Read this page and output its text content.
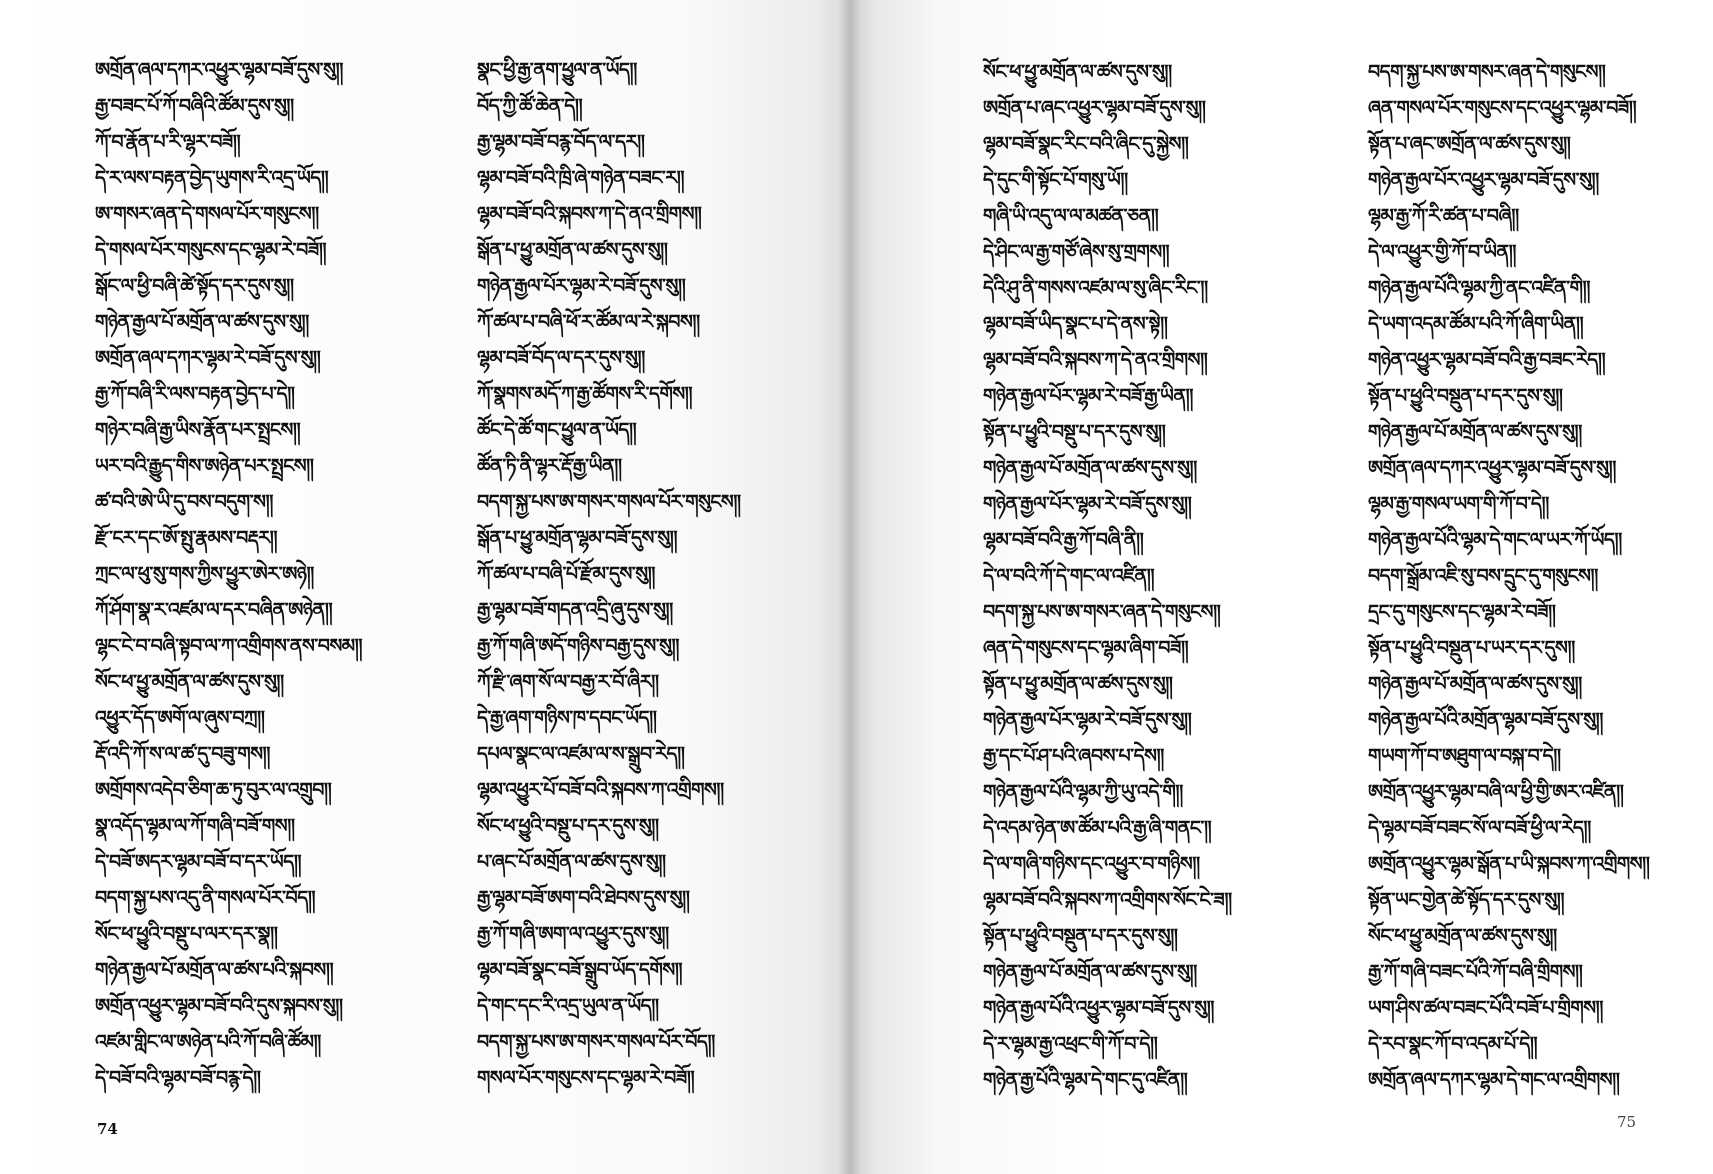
ཨགྲོན་ཞལ་དཀར་འཕྱུར་ལྷམ་བཟོ་དུས་སུ།།
རྒྱ་བཟང་པོ་ཀོ་བཞིའི་ཚོམ་དུས་སུ།།
ཀོ་བ་རྣོན་པ་རི་ལྷར་བཟོ།།
དེ་ར་ལས་བརྟན་བྱེད་ཡུགས་རི་འདྲ་ཡོད།།
ཨ་གསར་ཞན་དེ་གསལ་པོར་གསུངས།།
དེ་གསལ་པོར་གསུངས་དང་ལྷམ་རེ་བཟོ།།
སྒོང་ལ་ཕྱི་བཞི་ཚེ་སྟོད་དར་དུས་སུ།།
གཉེན་རྒྱལ་པོ་མགྲོན་ལ་ཚས་དུས་སུ།།
ཨགྲོན་ཞལ་དཀར་ལྷམ་རེ་བཟོ་དུས་སུ།།
རྒྱ་ཀོ་བཞི་རི་ལས་བརྟན་བྱེད་པ་དེ།།
གཉེར་བཞི་རྒྱ་ཡིས་རྣོན་པར་སྤྲངས།།
ཡར་བའི་རྒྱུད་གིས་ཨཉེན་པར་སྤྲངས།།
ཚ་བའི་ཨེ་ཡི་དུ་བས་བདུག་ས།།
རྫོ་ངར་དང་ཨོ་སྤུ་རྣམས་བརྡར།།
ཀྲང་ལ་ཕུ་སུ་གས་ཀྱིས་ཕྱུར་ཨེར་ཨཉེ།།
ཀོ་ཤོག་སྣ་ར་འཛམ་ལ་དར་བཞིན་ཨཉེན།།
ལྷང་ངེ་བ་བཞི་སྟབ་ལ་ཀ་འགྲིགས་ནས་བསམ།།
སོང་ཕ་ཕྱུ་མགྲོན་ལ་ཚས་དུས་སུ།།
འཕྱུར་དོད་ཨགོ་ལ་ཞུས་བཀྲ།།
རྡོ་འདི་ཀོ་ས་ལ་ཚ་དུ་བཟུ་གས།།
ཨགྲོགས་འདེབ་ཅིག་ཆ་ཏུ་བུར་ལ་འགྲུབ།།
སྣ་འདོད་ལྷམ་ལ་ཀོ་གཞི་བཟོ་གས།།
དེ་བཟོ་ཨདར་ལྷམ་བཟོ་བ་དར་ཡོད།།
བདག་སྐྱ་པས་འདུ་ནི་གསལ་པོར་བོད།།
སོང་ཕ་ཕྱུའི་བསྡུ་པ་ལར་དར་སྣ།།
གཉེན་རྒྱལ་པོ་མགྲོན་ལ་ཚས་པའི་སྐབས།།
ཨགྲོན་འཕྱུར་ལྷམ་བཟོ་བའི་དུས་སྐབས་སུ།།
འཛམ་གླིང་ལ་ཨཉེན་པའི་ཀོ་བཞི་ཚོམ།།
དེ་བཟོ་བའི་ལྷམ་བཟོ་བརྙ་དེ།།
སྣང་ཕྱི་རྒྱ་ནག་ཕྱུལ་ན་ཡོད།།
བོད་ཀྱི་ཚོ་ཆེན་དེ།།
རྒྱ་ལྷམ་བཟོ་བརྙ་བོད་ལ་དར།།
ལྷམ་བཟོ་བའི་ཁྲི་ཞེ་གཉེན་བཟང་ར།།
ལྷམ་བཟོ་བའི་སྐབས་ཀ་དེ་ནའ་གྲིགས།།
སྒོན་པ་ཕྱུ་མགྲོན་ལ་ཚས་དུས་སུ།།
གཉེན་རྒྱལ་པོར་ལྷམ་རེ་བཟོ་དུས་སུ།།
ཀོ་ཚལ་པ་བཞི་ཕོ་ར་ཚོམ་ལ་རེ་སྐབས།།
ལྷམ་བཟོ་བོད་ལ་དར་དུས་སུ།།
ཀོ་སྣགས་མདོ་ཀ་རྒྱ་ཚོགས་རི་དགོས།།
ཚོང་དེ་ཚོ་གང་ཕྱུལ་ན་ཡོད།།
ཚོན་ཏི་ནི་ལྷར་རྡོ་རྒྱ་ཡིན།།
བདག་སྐྱ་པས་ཨ་གསར་གསལ་པོར་གསུངས།།
སྒོན་པ་ཕྱུ་མགྲོན་ལྷམ་བཟོ་དུས་སུ།།
ཀོ་ཚལ་པ་བཞི་པོ་རྫོམ་དུས་སུ།།
རྒྱ་ལྷམ་བཟོ་གདན་འདྲི་ཞུ་དུས་སུ།།
རྒྱ་ཀོ་གཞི་ཨདོ་གཉིས་བརྒྱ་དུས་སུ།།
ཀོ་རྫི་ཞག་སོ་ལ་བརྒྱ་ར་བོ་ཞིར།།
དེ་རྒྱ་ཞག་གཉིས་ཁ་དབང་ཡོད།།
དཔལ་སྣང་ལ་འཛམ་ལ་ས་སྒྲུབ་རེད།།
ལྷམ་འཕྱུར་པོ་བཟོ་བའི་སྐབས་ཀ་འགྲིགས།།
སོང་ཕ་ཕྱུའི་བསྡུ་པ་དར་དུས་སུ།།
པ་ཞང་པོ་མགྲོན་ལ་ཚས་དུས་སུ།།
རྒྱ་ལྷམ་བཟོ་ཨག་བའི་ཐེབས་དུས་སུ།།
རྒྱ་ཀོ་གཞི་ཨག་ལ་འཕྱུར་དུས་སུ།།
ལྷམ་བཟོ་སྣང་བཟོ་སྒྲུབ་ཡོད་དགོས།།
དེ་གང་དང་རི་འདྲ་ཡུལ་ན་ཡོད།།
བདག་སྐྱ་པས་ཨ་གསར་གསལ་པོར་བོད།།
གསལ་པོར་གསུངས་དང་ལྷམ་རེ་བཟོ།།
74
སོང་ཕ་ཕྱུ་མགྲོན་ལ་ཚས་དུས་སུ།།
ཨགྲོན་པ་ཞང་འཕྱུར་ལྷམ་བཟོ་དུས་སུ།།
ལྷམ་བཟོ་སྣང་རིང་བའི་ཞིང་དུ་སྐྱེས།།
དེ་དུང་གི་སྟོང་པོ་གསུ་ཡོ།།
གཞི་ཡི་འདུ་ལ་ལ་མཚན་ཅན།།
དེ་ཤིང་ལ་རྒྱ་གཙོ་ཞེས་སུ་གྲགས།།
དེའི་ཤུ་ནི་གསས་འཛམ་ལ་སུ་ཞིང་རིང་།།
ལྷམ་བཟོ་ཡིད་སྣང་པ་དེ་ནས་སྟེ།།
ལྷམ་བཟོ་བའི་སྐབས་ཀ་དེ་ནའ་གྲིགས།།
གཉེན་རྒྱལ་པོར་ལྷམ་རེ་བཟོ་རྒྱ་ཡིན།།
སྟོན་པ་ཕྱུའི་བསྡུ་པ་དར་དུས་སུ།།
གཉེན་རྒྱལ་པོ་མགྲོན་ལ་ཚས་དུས་སུ།།
གཉེན་རྒྱལ་པོར་ལྷམ་རེ་བཟོ་དུས་སུ།།
ལྷམ་བཟོ་བའི་རྒྱ་ཀོ་བཞི་ནི།།
དེ་ལ་བའི་ཀོ་དེ་གང་ལ་འཛིན།།
བདག་སྐྱ་པས་ཨ་གསར་ཞན་དེ་གསུངས།།
ཞན་དེ་གསུངས་དང་ལྷམ་ཞིག་བཟོ།།
སྟོན་པ་ཕྱུ་མགྲོན་ལ་ཚས་དུས་སུ།།
གཉེན་རྒྱལ་པོར་ལྷམ་རེ་བཟོ་དུས་སུ།།
རྒྱ་དང་པོ་ཤ་པའི་ཞབས་པ་དེས།།
གཉེན་རྒྱལ་པོའི་ལྷམ་ཀྱི་ཡུ་འདེ་གི།།
དེ་འདམ་ཉེན་ཨ་ཚོམ་པའི་རྒྱ་ཞི་གནང་།།
དེ་ལ་གཞི་གཉིས་དང་འཕྱུར་བ་གཉིས།།
ལྷམ་བཟོ་བའི་སྐབས་ཀ་འགྲིགས་སོང་ངེ་ཟ།།
སྟོན་པ་ཕྱུའི་བསྡུན་པ་དར་དུས་སུ།།
གཉེན་རྒྱལ་པོ་མགྲོན་ལ་ཚས་དུས་སུ།།
གཉེན་རྒྱལ་པོའི་འཕྱུར་ལྷམ་བཟོ་དུས་སུ།།
དེ་ར་ལྷམ་རྒྱ་འཕྲང་གི་ཀོ་བ་དེ།།
གཉེན་རྒྱ་པོའི་ལྷམ་དེ་གང་དུ་འཛིན།།
བདག་སྐྱ་པས་ཨ་གསར་ཞན་དེ་གསུངས།།
ཞན་གསལ་པོར་གསུངས་དང་འཕྱུར་ལྷམ་བཟོ།།
སྟོན་པ་ཞང་ཨགྲོན་ལ་ཚས་དུས་སུ།།
གཉེན་རྒྱལ་པོར་འཕྱུར་ལྷམ་བཟོ་དུས་སུ།།
ལྷམ་རྒྱ་ཀོ་རི་ཚན་པ་བཞི།།
དེ་ལ་འཕྱུར་གྱི་ཀོ་བ་ཡིན།།
གཉེན་རྒྱལ་པོའི་ལྷམ་ཀྱི་ནང་འཛིན་གི།།
དེ་ཡག་འདམ་ཚོམ་པའི་ཀོ་ཞིག་ཡིན།།
གཉེན་འཕྱུར་ལྷམ་བཟོ་བའི་རྒྱ་བཟང་རེད།།
སྟོན་པ་ཕྱུའི་བསྡུན་པ་དར་དུས་སུ།།
གཉེན་རྒྱལ་པོ་མགྲོན་ལ་ཚས་དུས་སུ།།
ཨགྲོན་ཞལ་དཀར་འཕྱུར་ལྷམ་བཟོ་དུས་སུ།།
ལྷམ་རྒྱ་གསལ་ཡག་གི་ཀོ་བ་དེ།།
གཉེན་རྒྱལ་པོའི་ལྷམ་དེ་གང་ལ་ཡར་ཀོ་ཡོད།།
བདག་སྒྲོམ་འཇི་སུ་བས་དྲུང་དུ་གསུངས།།
དྲང་དུ་གསུངས་དང་ལྷམ་རེ་བཟོ།།
སྟོན་པ་ཕྱུའི་བསྡུན་པ་ཡར་དར་དུས།།
གཉེན་རྒྱལ་པོ་མགྲོན་ལ་ཚས་དུས་སུ།།
གཉེན་རྒྱལ་པོའི་མགྲོན་ལྷམ་བཟོ་དུས་སུ།།
གཡག་ཀོ་བ་ཨཐུག་ལ་བསྐ་བ་དེ།།
ཨགྲོན་འཕྱུར་ལྷམ་བཞི་ལ་ཕྱི་གྱི་ཨར་འཛིན།།
དེ་ལྷམ་བཟོ་བཟང་སོ་ལ་བཟོ་ཕྱི་ལ་རེད།།
ཨགྲོན་འཕྱུར་ལྷམ་སྒོན་པ་ཡི་སྐབས་ཀ་འགྲིགས།།
སྟོན་ཡང་གྱེན་ཚེ་སྟོད་དར་དུས་སུ།།
སོང་ཕ་ཕྱུ་མགྲོན་ལ་ཚས་དུས་སུ།།
རྒྱ་ཀོ་གཞི་བཟང་པོའི་ཀོ་བཞི་གྲིགས།།
ཡག་ཤིས་ཚལ་བཟང་པོའི་བཟོ་པ་གྲིགས།།
དེ་རབ་སྣང་ཀོ་བ་འདམ་པོ་དེ།།
ཨགྲོན་ཞལ་དཀར་ལྷམ་དེ་གང་ལ་འགྲིགས།།
75
